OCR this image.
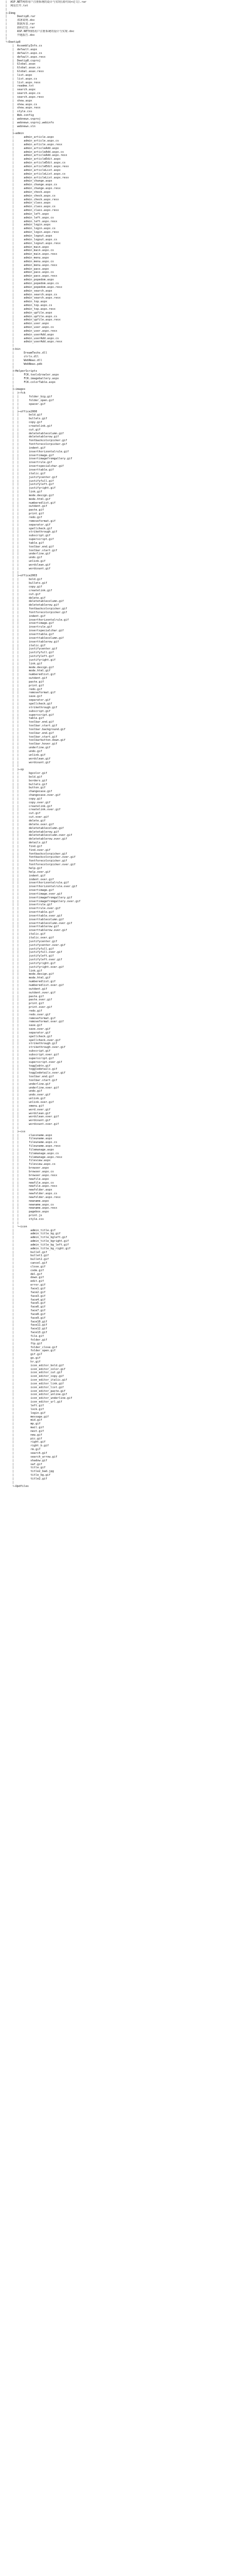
│  ASP.NET网络用户注册系统的设计与实现(源代码+论文).rar
│  网站打开.txt
│
├─Ikmg
│      Deetip8.rar
│      部署说明.doc
│      数据库表.rar
│      源码打包.rar
│      ASP.NET网络用户注册系统的设计与实现.doc
│      开题报告.doc
│
└─Deetip8
│  AssemblyInfo.cs
│  default.aspx
│  default.aspx.cs
│  default.aspx.resx
│  Deetip8.csproj
│  Global.asax
│  Global.asax.cs
│  Global.asax.resx
│  list.aspx
│  list.aspx.cs
│  list.aspx.resx
│  readme.txt
│  search.aspx
│  search.aspx.cs
│  search.aspx.resx
│  show.aspx
│  show.aspx.cs
│  show.aspx.resx
│  style.css
│  Web.config
│  webnews.vsproj
│  webnews.vsproj.webinfo
│  webnews.sln
│
├─admin
│      admin_article.aspx
│      admin_article.aspx.cs
│      admin_article.aspx.resx
│      admin_articleAdd.aspx
│      admin_articleAdd.aspx.cs
│      admin_articleAdd.aspx.resx
│      admin_articleEdit.aspx
│      admin_articleEdit.aspx.cs
│      admin_articleEdit.aspx.resx
│      admin_articleList.aspx
│      admin_articleList.aspx.cs
│      admin_articleList.aspx.resx
│      admin_change.aspx
│      admin_change.aspx.cs
│      admin_change.aspx.resx
│      admin_check.aspx
│      admin_check.aspx.cs
│      admin_check.aspx.resx
│      admin_class.aspx
│      admin_class.aspx.cs
│      admin_class.aspx.resx
│      admin_left.aspx
│      admin_left.aspx.cs
│      admin_left.aspx.resx
│      admin_login.aspx
│      admin_login.aspx.cs
│      admin_login.aspx.resx
│      admin_logout.aspx
│      admin_logout.aspx.cs
│      admin_logout.aspx.resx
│      admin_main.aspx
│      admin_main.aspx.cs
│      admin_main.aspx.resx
│      admin_menu.aspx
│      admin_menu.aspx.cs
│      admin_menu.aspx.resx
│      admin_pass.aspx
│      admin_pass.aspx.cs
│      admin_pass.aspx.resx
│      admin_popedom.aspx
│      admin_popedom.aspx.cs
│      admin_popedom.aspx.resx
│      admin_search.aspx
│      admin_search.aspx.cs
│      admin_search.aspx.resx
│      admin_top.aspx
│      admin_top.aspx.cs
│      admin_top.aspx.resx
│      admin_upfile.aspx
│      admin_upfile.aspx.cs
│      admin_upfile.aspx.resx
│      admin_user.aspx
│      admin_user.aspx.cs
│      admin_user.aspx.resx
│      admin_userAdd.aspx
│      admin_userAdd.aspx.cs
│      admin_userAdd.aspx.resx
│
├─bin
│      DreamTechs.dll
│      ctrls.dll
│      WebNews.dll
│      WebNews.pdb
│
├─HelperScripts
│      FCK.toolsGrowler.aspx
│      FCK.imageGallery.aspx
│      FCK.colorTable.aspx
│
├─images
│  ├─fck
│  │      folder_big.gif
│  │      folder_open.gif
│  │      spacer.gif
│  │
│  ├─office2000
│  │      bold.gif
│  │      bullets.gif
│  │      copy.gif
│  │      createlink.gif
│  │      cut.gif
│  │      deletetablecolumn.gif
│  │      deletetablerow.gif
│  │      fontbackcolorpicker.gif
│  │      fontforecolorpicker.gif
│  │      indent.gif
│  │      inserthorizontalrule.gif
│  │      insertimage.gif
│  │      insertimagefromgallery.gif
│  │      insertrule.gif
│  │      insertspecialchar.gif
│  │      inserttable.gif
│  │      italic.gif
│  │      justifycenter.gif
│  │      justifyfull.gif
│  │      justifyleft.gif
│  │      justifyright.gif
│  │      link.gif
│  │      mode.design.gif
│  │      mode.html.gif
│  │      numberedlist.gif
│  │      outdent.gif
│  │      paste.gif
│  │      print.gif
│  │      redo.gif
│  │      removeformat.gif
│  │      separator.gif
│  │      spellcheck.gif
│  │      strikethrough.gif
│  │      subscript.gif
│  │      superscript.gif
│  │      table.gif
│  │      toolbar.end.gif
│  │      toolbar.start.gif
│  │      underline.gif
│  │      undo.gif
│  │      unlink.gif
│  │      wordclean.gif
│  │      wordcount.gif
│  │
│  ├─office2003
│  │      bold.gif
│  │      bullets.gif
│  │      copy.gif
│  │      createlink.gif
│  │      cut.gif
│  │      delete.gif
│  │      deletetablecolumn.gif
│  │      deletetablerow.gif
│  │      fontbackcolorpicker.gif
│  │      fontforecolorpicker.gif
│  │      indent.gif
│  │      inserthorizontalrule.gif
│  │      insertimage.gif
│  │      insertrule.gif
│  │      insertspecialchar.gif
│  │      inserttable.gif
│  │      inserttablecolumn.gif
│  │      inserttablerow.gif
│  │      italic.gif
│  │      justifycenter.gif
│  │      justifyfull.gif
│  │      justifyleft.gif
│  │      justifyright.gif
│  │      link.gif
│  │      mode.design.gif
│  │      mode.html.gif
│  │      numberedlist.gif
│  │      outdent.gif
│  │      paste.gif
│  │      print.gif
│  │      redo.gif
│  │      removeformat.gif
│  │      save.gif
│  │      separator.gif
│  │      spellcheck.gif
│  │      strikethrough.gif
│  │      subscript.gif
│  │      superscript.gif
│  │      table.gif
│  │      toolbar.end.gif
│  │      toolbar.start.gif
│  │      toolbar.background.gif
│  │      toolbar.end.gif
│  │      toolbar.start.gif
│  │      toolbarbutton.down.gif
│  │      toolbar.hover.gif
│  │      underline.gif
│  │      undo.gif
│  │      unlink.gif
│  │      wordclean.gif
│  │      wordcount.gif
│  │
│  ├─xp
│  │      bgcolor.gif
│  │      bold.gif
│  │      borders.gif
│  │      bullets.gif
│  │      button.gif
│  │      changecase.gif
│  │      changecase.over.gif
│  │      copy.gif
│  │      copy.over.gif
│  │      createlink.gif
│  │      createlink.over.gif
│  │      cut.gif
│  │      cut.over.gif
│  │      delete.gif
│  │      delete.over.gif
│  │      deletetablecolumn.gif
│  │      deletetablerow.gif
│  │      deletetablecolumn.over.gif
│  │      deletetablerow.over.gif
│  │      details.gif
│  │      find.gif
│  │      find.over.gif
│  │      fontbackcolorpicker.gif
│  │      fontbackcolorpicker.over.gif
│  │      fontforecolorpicker.gif
│  │      fontforecolorpicker.over.gif
│  │      help.gif
│  │      help.over.gif
│  │      indent.gif
│  │      indent.over.gif
│  │      inserthorizontalrule.gif
│  │      inserthorizontalrule.over.gif
│  │      insertimage.gif
│  │      insertimage.over.gif
│  │      insertimagefromgallery.gif
│  │      insertimagefromgallery.over.gif
│  │      insertrule.gif
│  │      insertrule.over.gif
│  │      inserttable.gif
│  │      inserttable.over.gif
│  │      inserttablecolumn.gif
│  │      inserttablecolumn.over.gif
│  │      inserttablerow.gif
│  │      inserttablerow.over.gif
│  │      italic.gif
│  │      italic.over.gif
│  │      justifycenter.gif
│  │      justifycenter.over.gif
│  │      justifyfull.gif
│  │      justifyfull.over.gif
│  │      justifyleft.gif
│  │      justifyleft.over.gif
│  │      justifyright.gif
│  │      justifyright.over.gif
│  │      link.gif
│  │      mode.design.gif
│  │      mode.html.gif
│  │      numberedlist.gif
│  │      numberedlist.over.gif
│  │      outdent.gif
│  │      outdent.over.gif
│  │      paste.gif
│  │      paste.over.gif
│  │      print.gif
│  │      print.over.gif
│  │      redo.gif
│  │      redo.over.gif
│  │      removeformat.gif
│  │      removeformat.over.gif
│  │      save.gif
│  │      save.over.gif
│  │      separator.gif
│  │      spellcheck.gif
│  │      spellcheck.over.gif
│  │      strikethrough.gif
│  │      strikethrough.over.gif
│  │      subscript.gif
│  │      subscript.over.gif
│  │      superscript.gif
│  │      superscript.over.gif
│  │      togglebtn.gif
│  │      toggledetails.gif
│  │      toggledetails.over.gif
│  │      toolbar.end.gif
│  │      toolbar.start.gif
│  │      underline.gif
│  │      underline.over.gif
│  │      undo.gif
│  │      undo.over.gif
│  │      unlink.gif
│  │      unlink.over.gif
│  │      xmenu.gif
│  │      word.over.gif
│  │      wordclean.gif
│  │      wordclean.over.gif
│  │      wordcount.gif
│  │      wordcount.over.gif
│  │
│  ├─css
│  │      classname.aspx
│  │      fileuname.aspx
│  │      fileuname.aspx.cs
│  │      fileuname.aspx.resx
│  │      filemanage.aspx
│  │      filemanage.aspx.cs
│  │      filemanage.aspx.resx
│  │      fileview.aspx
│  │      fileview.aspx.cs
│  │      browser.aspx
│  │      browser.aspx.cs
│  │      browser.aspx.resx
│  │      newfile.aspx
│  │      newfile.aspx.cs
│  │      newfile.aspx.resx
│  │      newfolder.aspx
│  │      newfolder.aspx.cs
│  │      newfolder.aspx.resx
│  │      newname.aspx
│  │      newname.aspx.cs
│  │      newname.aspx.resx
│  │      pagebox.aspx
│  │      print.js
│  │      style.css
│  │
│  └─icon
│          admin_title.gif
│          admin_title_bg.gif
│          admin_title_bgleft.gif
│          admin_title_bgright.gif
│          admin_title_bg_left.gif
│          admin_title_bg_right.gif
│          bullet.gif
│          bullet1.gif
│          bullet2.gif
│          cancel.gif
│          close.gif
│          code.gif
│          del.gif
│          down.gif
│          edit.gif
│          error.gif
│          face1.gif
│          face2.gif
│          face3.gif
│          face4.gif
│          face5.gif
│          face6.gif
│          face7.gif
│          face8.gif
│          face9.gif
│          face10.gif
│          face11.gif
│          face12.gif
│          face13.gif
│          file.gif
│          folder.gif
│          ftp.gif
│          folder_close.gif
│          folder_open.gif
│          gif.gif
│          go.gif
│          hr.gif
│          icon_editor_bold.gif
│          icon_editor_color.gif
│          icon_editor_cut.gif
│          icon_editor_copy.gif
│          icon_editor_italic.gif
│          icon_editor_link.gif
│          icon_editor_list.gif
│          icon_editor_paste.gif
│          icon_editor_unline.gif
│          icon_editor_underline.gif
│          icon_editor_url.gif
│          left.gif
│          lock.gif
│          login.gif
│          message.gif
│          mid.gif
│          mp.gif
│          mail.gif
│          next.gif
│          new.gif
│          pic.gif
│          right.gif
│          right_b.gif
│          rm.gif
│          search.gif
│          search_arrow.gif
│          shadow.gif
│          swf.gif
│          title.gif
│          title2_bad.jpg
│          title_bg.gif
│          title2.gif
│
└─Updfiles
